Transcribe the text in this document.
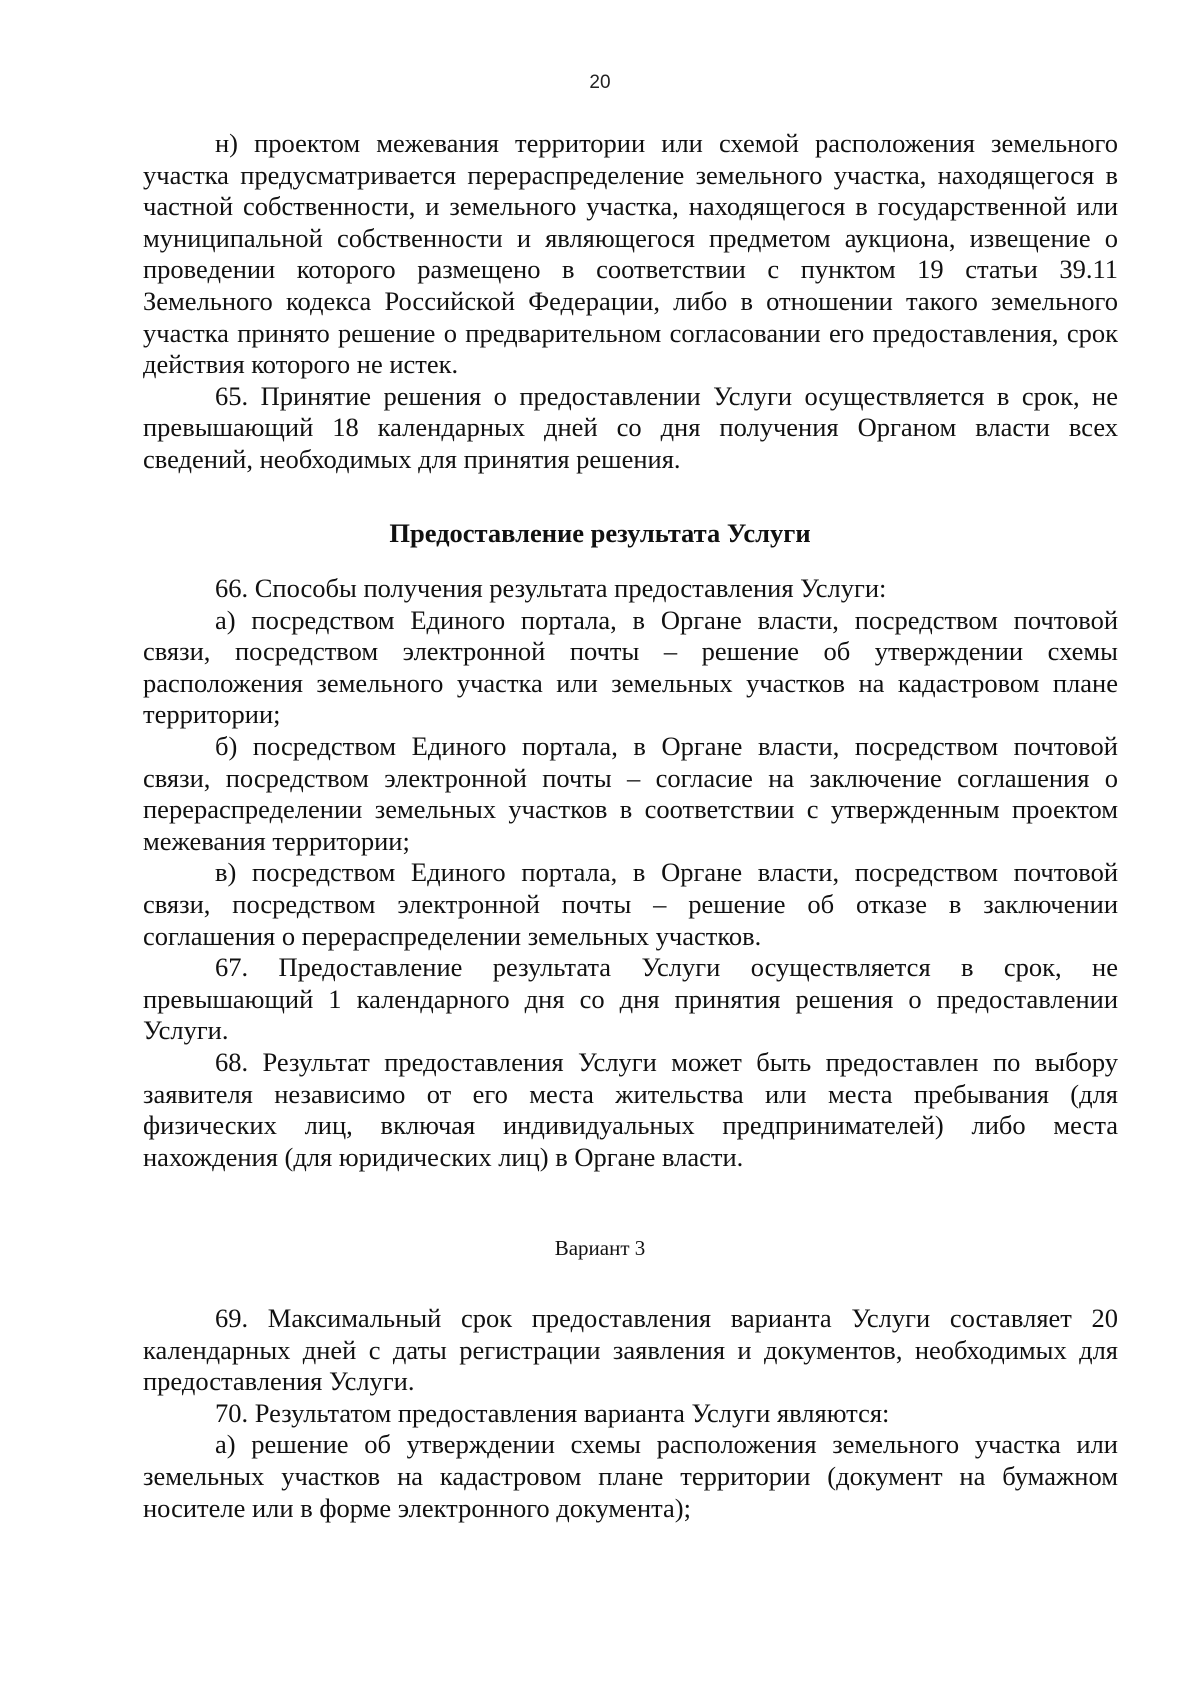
20

н) проектом межевания территории или схемой расположения земельного участка предусматривается перераспределение земельного участка, находящегося в частной собственности, и земельного участка, находящегося в государственной или муниципальной собственности и являющегося предметом аукциона, извещение о проведении которого размещено в соответствии с пунктом 19 статьи 39.11 Земельного кодекса Российской Федерации, либо в отношении такого земельного участка принято решение о предварительном согласовании его предоставления, срок действия которого не истек.

65. Принятие решения о предоставлении Услуги осуществляется в срок, не превышающий 18 календарных дней со дня получения Органом власти всех сведений, необходимых для принятия решения.

Предоставление результата Услуги

66. Способы получения результата предоставления Услуги:

а) посредством Единого портала, в Органе власти, посредством почтовой связи, посредством электронной почты – решение об утверждении схемы расположения земельного участка или земельных участков на кадастровом плане территории;

б) посредством Единого портала, в Органе власти, посредством почтовой связи, посредством электронной почты – согласие на заключение соглашения о перераспределении земельных участков в соответствии с утвержденным проектом межевания территории;

в) посредством Единого портала, в Органе власти, посредством почтовой связи, посредством электронной почты – решение об отказе в заключении соглашения о перераспределении земельных участков.

67. Предоставление результата Услуги осуществляется в срок, не превышающий 1 календарного дня со дня принятия решения о предоставлении Услуги.

68. Результат предоставления Услуги может быть предоставлен по выбору заявителя независимо от его места жительства или места пребывания (для физических лиц, включая индивидуальных предпринимателей) либо места нахождения (для юридических лиц) в Органе власти.

Вариант 3

69. Максимальный срок предоставления варианта Услуги составляет 20 календарных дней с даты регистрации заявления и документов, необходимых для предоставления Услуги.

70. Результатом предоставления варианта Услуги являются:

а) решение об утверждении схемы расположения земельного участка или земельных участков на кадастровом плане территории (документ на бумажном носителе или в форме электронного документа);
